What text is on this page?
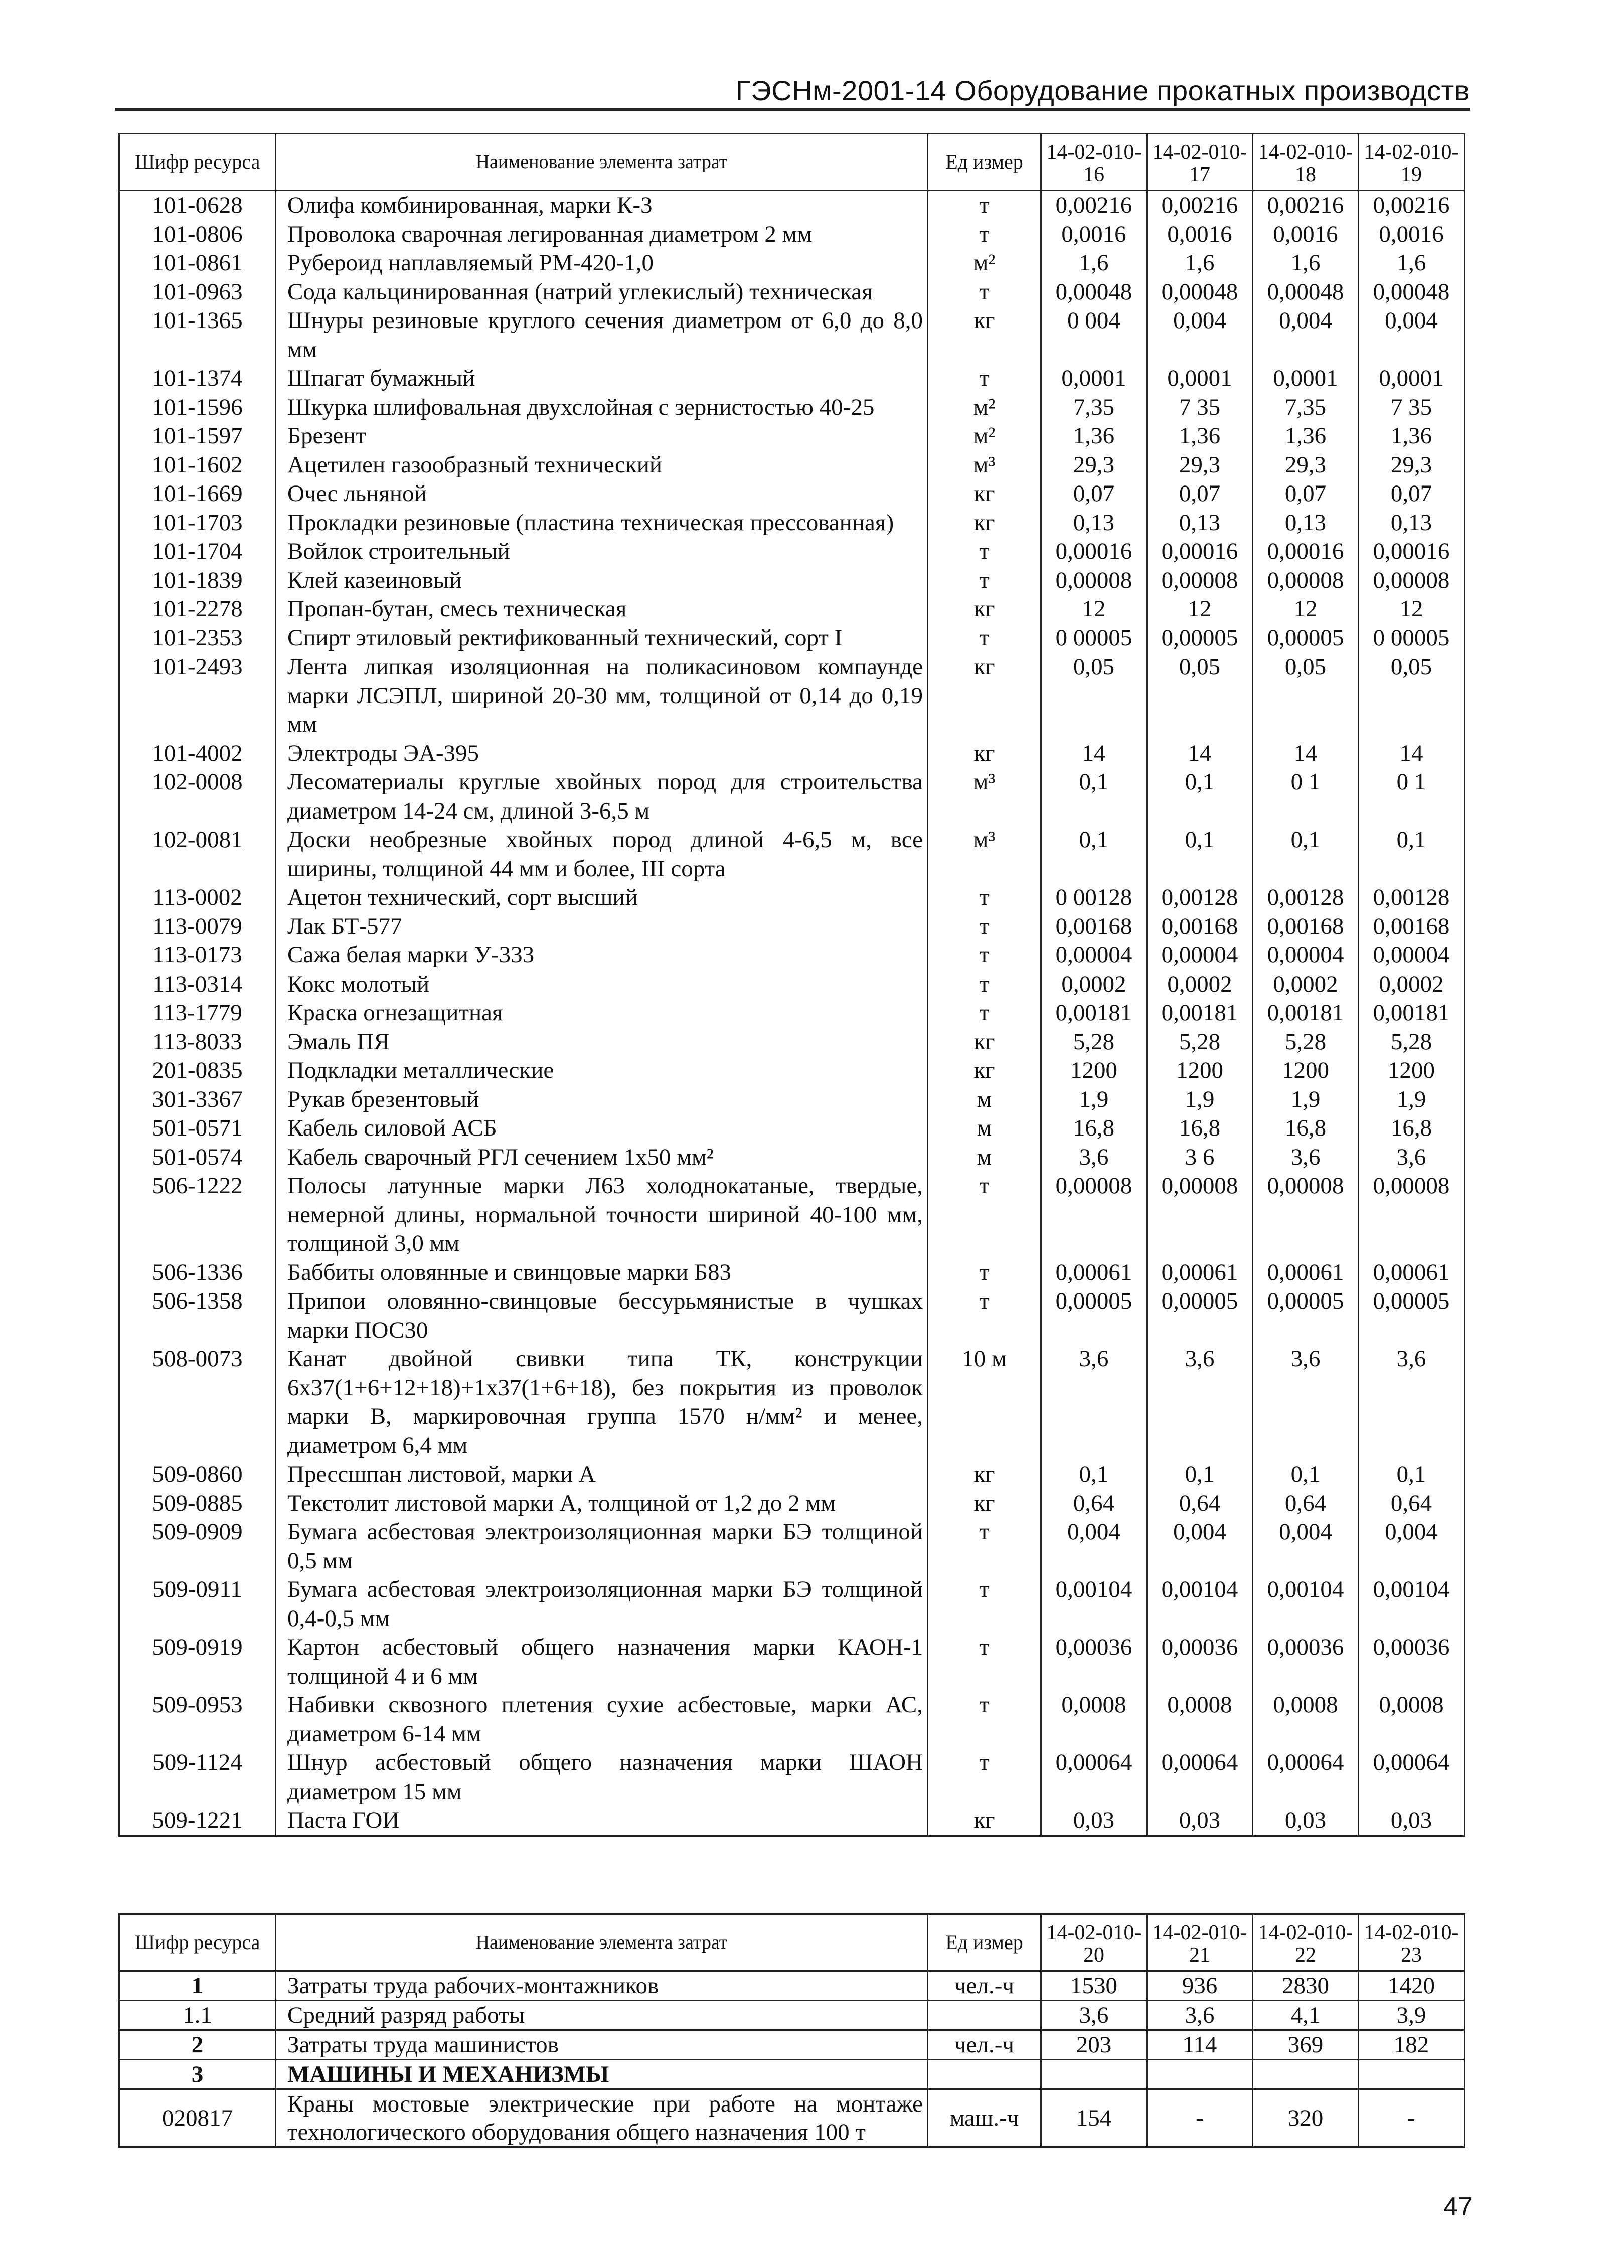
ГЭСНм-2001-14 Оборудование прокатных производств
Шифр ресурса	Наименование элемента затрат	Ед измер	14-02-010-16	14-02-010-17	14-02-010-18	14-02-010-19
101-0628	Олифа комбинированная, марки К-3	т	0,00216	0,00216	0,00216	0,00216
101-0806	Проволока сварочная легированная диаметром 2 мм	т	0,0016	0,0016	0,0016	0,0016
101-0861	Рубероид наплавляемый РМ-420-1,0	м²	1,6	1,6	1,6	1,6
101-0963	Сода кальцинированная (натрий углекислый) техническая	т	0,00048	0,00048	0,00048	0,00048
101-1365	Шнуры резиновые круглого сечения диаметром от 6,0 до 8,0 мм	кг	0 004	0,004	0,004	0,004
101-1374	Шпагат бумажный	т	0,0001	0,0001	0,0001	0,0001
101-1596	Шкурка шлифовальная двухслойная с зернистостью 40-25	м²	7,35	7 35	7,35	7 35
101-1597	Брезент	м²	1,36	1,36	1,36	1,36
101-1602	Ацетилен газообразный технический	м³	29,3	29,3	29,3	29,3
101-1669	Очес льняной	кг	0,07	0,07	0,07	0,07
101-1703	Прокладки резиновые (пластина техническая прессованная)	кг	0,13	0,13	0,13	0,13
101-1704	Войлок строительный	т	0,00016	0,00016	0,00016	0,00016
101-1839	Клей казеиновый	т	0,00008	0,00008	0,00008	0,00008
101-2278	Пропан-бутан, смесь техническая	кг	12	12	12	12
101-2353	Спирт этиловый ректификованный технический, сорт I	т	0 00005	0,00005	0,00005	0 00005
101-2493	Лента липкая изоляционная на поликасиновом компаунде марки ЛСЭПЛ, шириной 20-30 мм, толщиной от 0,14 до 0,19 мм	кг	0,05	0,05	0,05	0,05
101-4002	Электроды ЭА-395	кг	14	14	14	14
102-0008	Лесоматериалы круглые хвойных пород для строительства диаметром 14-24 см, длиной 3-6,5 м	м³	0,1	0,1	0 1	0 1
102-0081	Доски необрезные хвойных пород длиной 4-6,5 м, все ширины, толщиной 44 мм и более, III сорта	м³	0,1	0,1	0,1	0,1
113-0002	Ацетон технический, сорт высший	т	0 00128	0,00128	0,00128	0,00128
113-0079	Лак БТ-577	т	0,00168	0,00168	0,00168	0,00168
113-0173	Сажа белая марки У-333	т	0,00004	0,00004	0,00004	0,00004
113-0314	Кокс молотый	т	0,0002	0,0002	0,0002	0,0002
113-1779	Краска огнезащитная	т	0,00181	0,00181	0,00181	0,00181
113-8033	Эмаль ПЯ	кг	5,28	5,28	5,28	5,28
201-0835	Подкладки металлические	кг	1200	1200	1200	1200
301-3367	Рукав брезентовый	м	1,9	1,9	1,9	1,9
501-0571	Кабель силовой АСБ	м	16,8	16,8	16,8	16,8
501-0574	Кабель сварочный РГЛ сечением 1х50 мм²	м	3,6	3 6	3,6	3,6
506-1222	Полосы латунные марки Л63 холоднокатаные, твердые, немерной длины, нормальной точности шириной 40-100 мм, толщиной 3,0 мм	т	0,00008	0,00008	0,00008	0,00008
506-1336	Баббиты оловянные и свинцовые марки Б83	т	0,00061	0,00061	0,00061	0,00061
506-1358	Припои оловянно-свинцовые бессурьмянистые в чушках марки ПОС30	т	0,00005	0,00005	0,00005	0,00005
508-0073	Канат двойной свивки типа ТК, конструкции 6х37(1+6+12+18)+1х37(1+6+18), без покрытия из проволок марки В, маркировочная группа 1570 н/мм² и менее, диаметром 6,4 мм	10 м	3,6	3,6	3,6	3,6
509-0860	Прессшпан листовой, марки А	кг	0,1	0,1	0,1	0,1
509-0885	Текстолит листовой марки А, толщиной от 1,2 до 2 мм	кг	0,64	0,64	0,64	0,64
509-0909	Бумага асбестовая электроизоляционная марки БЭ толщиной 0,5 мм	т	0,004	0,004	0,004	0,004
509-0911	Бумага асбестовая электроизоляционная марки БЭ толщиной 0,4-0,5 мм	т	0,00104	0,00104	0,00104	0,00104
509-0919	Картон асбестовый общего назначения марки КАОН-1 толщиной 4 и 6 мм	т	0,00036	0,00036	0,00036	0,00036
509-0953	Набивки сквозного плетения сухие асбестовые, марки АС, диаметром 6-14 мм	т	0,0008	0,0008	0,0008	0,0008
509-1124	Шнур асбестовый общего назначения марки ШАОН диаметром 15 мм	т	0,00064	0,00064	0,00064	0,00064
509-1221	Паста ГОИ	кг	0,03	0,03	0,03	0,03
Шифр ресурса	Наименование элемента затрат	Ед измер	14-02-010-20	14-02-010-21	14-02-010-22	14-02-010-23
1	Затраты труда рабочих-монтажников	чел.-ч	1530	936	2830	1420
1.1	Средний разряд работы		3,6	3,6	4,1	3,9
2	Затраты труда машинистов	чел.-ч	203	114	369	182
3	МАШИНЫ И МЕХАНИЗМЫ					
020817	Краны мостовые электрические при работе на монтаже технологического оборудования общего назначения 100 т	маш.-ч	154	-	320	-
47
